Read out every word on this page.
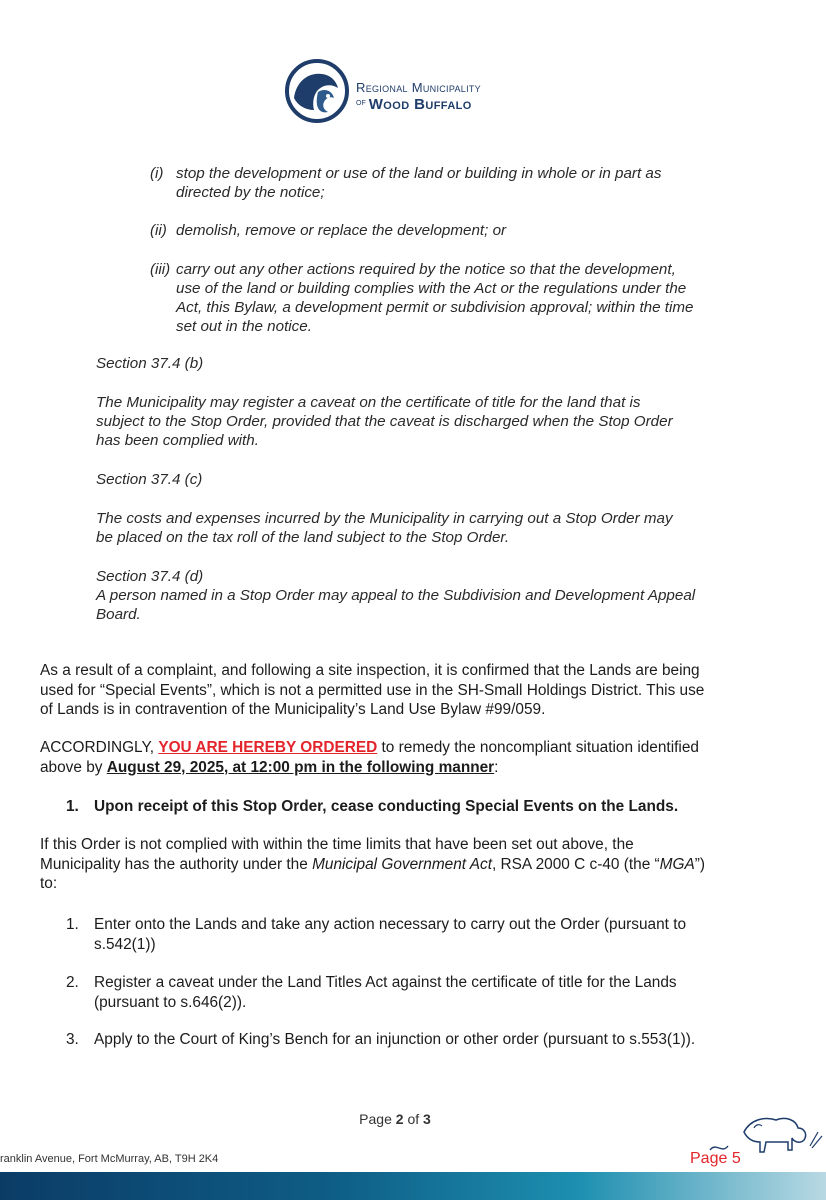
Regional Municipality
$^{of}$ Wood Buffalo
(i) stop the development or use of the land or building in whole or in part as
directed by the notice;
(ii) demolish, remove or replace the development; or
(iii) carry out any other actions required by the notice so that the development,
use of the land or building complies with the Act or the regulations under the
Act, this Bylaw, a development permit or subdivision approval; within the time
set out in the notice.
Section 37.4 (b)
The Municipality may register a caveat on the certificate of title for the land that is
subject to the Stop Order, provided that the caveat is discharged when the Stop Order
has been complied with.
Section 37.4 (c)
The costs and expenses incurred by the Municipality in carrying out a Stop Order may
be placed on the tax roll of the land subject to the Stop Order.
Section 37.4 (d)
A person named in a Stop Order may appeal to the Subdivision and Development Appeal
Board.
As a result of a complaint, and following a site inspection, it is confirmed that the Lands are being
used for “Special Events”, which is not a permitted use in the SH-Small Holdings District. This use
of Lands is in contravention of the Municipality’s Land Use Bylaw #99/059.
ACCORDINGLY, YOU ARE HEREBY ORDERED to remedy the noncompliant situation identified
above by August 29, 2025, at 12:00 pm in the following manner:
1. Upon receipt of this Stop Order, cease conducting Special Events on the Lands.
If this Order is not complied with within the time limits that have been set out above, the
Municipality has the authority under the Municipal Government Act, RSA 2000 C c-40 (the “MGA”)
to:
1. Enter onto the Lands and take any action necessary to carry out the Order (pursuant to
s.542(1))
2. Register a caveat under the Land Titles Act against the certificate of title for the Lands
(pursuant to s.646(2)).
3. Apply to the Court of King’s Bench for an injunction or other order (pursuant to s.553(1)).
Page 2 of 3
ranklin Avenue, Fort McMurray, AB, T9H 2K4	Page 5
